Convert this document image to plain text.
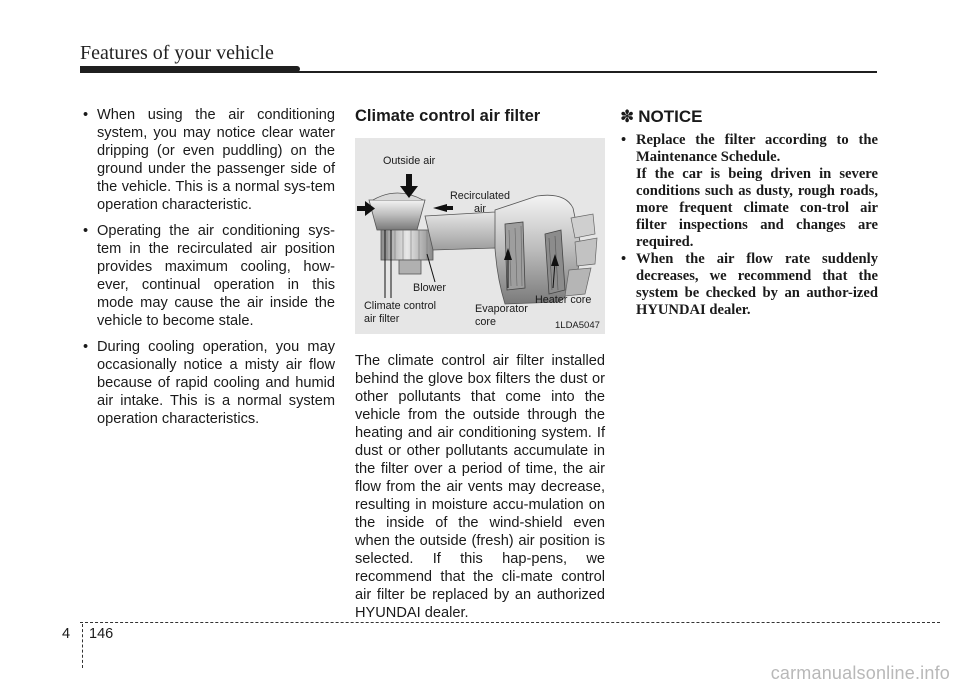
Features of your vehicle
• When using the air conditioning system, you may notice clear water dripping (or even puddling) on the ground under the passenger side of the vehicle. This is a normal sys-tem operation characteristic.
• Operating the air conditioning sys-tem in the recirculated air position provides maximum cooling, how-ever, continual operation in this mode may cause the air inside the vehicle to become stale.
• During cooling operation, you may occasionally notice a misty air flow because of rapid cooling and humid air intake. This is a normal system operation characteristics.
Climate control air filter
Outside air
Recirculated
air
Blower
Climate control
air filter
Evaporator
core
Heater core
1LDA5047

The climate control air filter installed behind the glove box filters the dust or other pollutants that come into the vehicle from the outside through the heating and air conditioning system. If dust or other pollutants accumulate in the filter over a period of time, the air flow from the air vents may decrease, resulting in moisture accu-mulation on the inside of the wind-shield even when the outside (fresh) air position is selected. If this hap-pens, we recommend that the cli-mate control air filter be replaced by an authorized HYUNDAI dealer.

✽ NOTICE
• Replace the filter according to the Maintenance Schedule.
If the car is being driven in severe conditions such as dusty, rough roads, more frequent climate con-trol air filter inspections and changes are required.
• When the air flow rate suddenly decreases, we recommend that the system be checked by an author-ized HYUNDAI dealer.
4 146
carmanualsonline.info
